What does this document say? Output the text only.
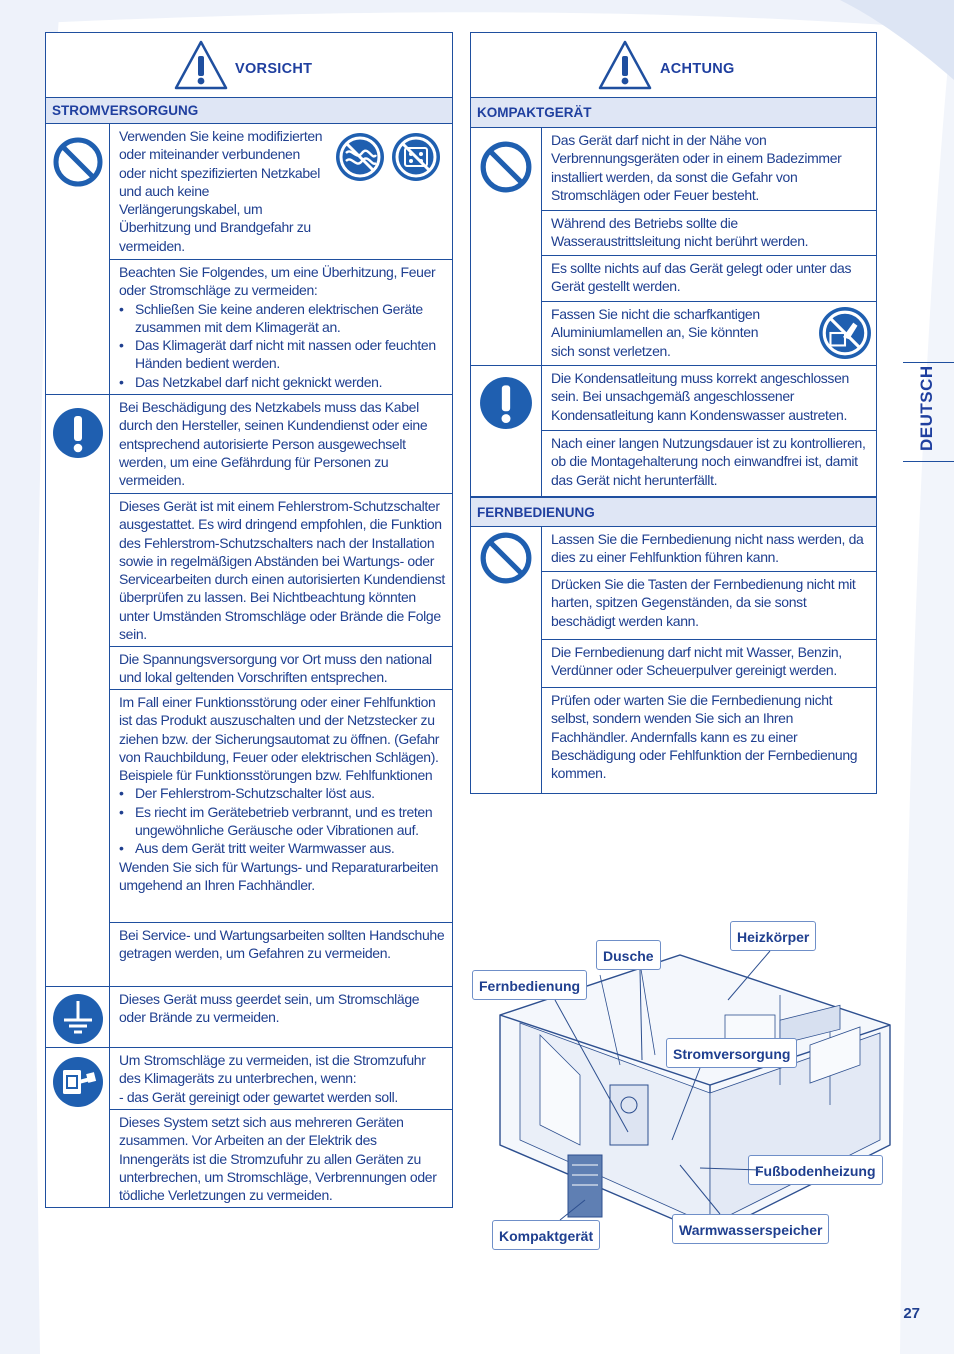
VORSICHT
STROMVERSORGUNG
Verwenden Sie keine modifizierten oder miteinander verbundenen oder nicht spezifizierten Netzkabel und auch keine Verlängerungskabel, um Überhitzung und Brandgefahr zu vermeiden.
Beachten Sie Folgendes, um eine Überhitzung, Feuer oder Stromschläge zu vermeiden:
• Schließen Sie keine anderen elektrischen Geräte zusammen mit dem Klimagerät an.
• Das Klimagerät darf nicht mit nassen oder feuchten Händen bedient werden.
• Das Netzkabel darf nicht geknickt werden.
Bei Beschädigung des Netzkabels muss das Kabel durch den Hersteller, seinen Kundendienst oder eine entsprechend autorisierte Person ausgewechselt werden, um eine Gefährdung für Personen zu vermeiden.
Dieses Gerät ist mit einem Fehlerstrom-Schutzschalter ausgestattet. Es wird dringend empfohlen, die Funktion des Fehlerstrom-Schutzschalters nach der Installation sowie in regelmäßigen Abständen bei Wartungs- oder Servicearbeiten durch einen autorisierten Kundendienst überprüfen zu lassen. Bei Nichtbeachtung könnten unter Umständen Stromschläge oder Brände die Folge sein.
Die Spannungsversorgung vor Ort muss den national und lokal geltenden Vorschriften entsprechen.
Im Fall einer Funktionsstörung oder einer Fehlfunktion ist das Produkt auszuschalten und der Netzstecker zu ziehen bzw. der Sicherungsautomat zu öffnen. (Gefahr von Rauchbildung, Feuer oder elektrischen Schlägen).
Beispiele für Funktionsstörungen bzw. Fehlfunktionen
• Der Fehlerstrom-Schutzschalter löst aus.
• Es riecht im Gerätebetrieb verbrannt, und es treten ungewöhnliche Geräusche oder Vibrationen auf.
• Aus dem Gerät tritt weiter Warmwasser aus.
Wenden Sie sich für Wartungs- und Reparaturarbeiten umgehend an Ihren Fachhändler.
Bei Service- und Wartungsarbeiten sollten Handschuhe getragen werden, um Gefahren zu vermeiden.
Dieses Gerät muss geerdet sein, um Stromschläge oder Brände zu vermeiden.
Um Stromschläge zu vermeiden, ist die Stromzufuhr des Klimageräts zu unterbrechen, wenn:
- das Gerät gereinigt oder gewartet werden soll.
Dieses System setzt sich aus mehreren Geräten zusammen. Vor Arbeiten an der Elektrik des Innengeräts ist die Stromzufuhr zu allen Geräten zu unterbrechen, um Stromschläge, Verbrennungen oder tödliche Verletzungen zu vermeiden.
ACHTUNG
KOMPAKTGERÄT
Das Gerät darf nicht in der Nähe von Verbrennungsgeräten oder in einem Badezimmer installiert werden, da sonst die Gefahr von Stromschlägen oder Feuer besteht.
Während des Betriebs sollte die Wasseraustrittsleitung nicht berührt werden.
Es sollte nichts auf das Gerät gelegt oder unter das Gerät gestellt werden.
Fassen Sie nicht die scharfkantigen Aluminiumlamellen an, Sie könnten sich sonst verletzen.
Die Kondensatleitung muss korrekt angeschlossen sein. Bei unsachgemäß angeschlossener Kondensatleitung kann Kondenswasser austreten.
Nach einer langen Nutzungsdauer ist zu kontrollieren, ob die Montagehalterung noch einwandfrei ist, damit das Gerät nicht herunterfällt.
FERNBEDIENUNG
Lassen Sie die Fernbedienung nicht nass werden, da dies zu einer Fehlfunktion führen kann.
Drücken Sie die Tasten der Fernbedienung nicht mit harten, spitzen Gegenständen, da sie sonst beschädigt werden kann.
Die Fernbedienung darf nicht mit Wasser, Benzin, Verdünner oder Scheuerpulver gereinigt werden.
Prüfen oder warten Sie die Fernbedienung nicht selbst, sondern wenden Sie sich an Ihren Fachhändler. Andernfalls kann es zu einer Beschädigung oder Fehlfunktion der Fernbedienung kommen.
DEUTSCH
Heizkörper
Dusche
Fernbedienung
Stromversorgung
Fußbodenheizung
Warmwasserspeicher
Kompaktgerät
27
